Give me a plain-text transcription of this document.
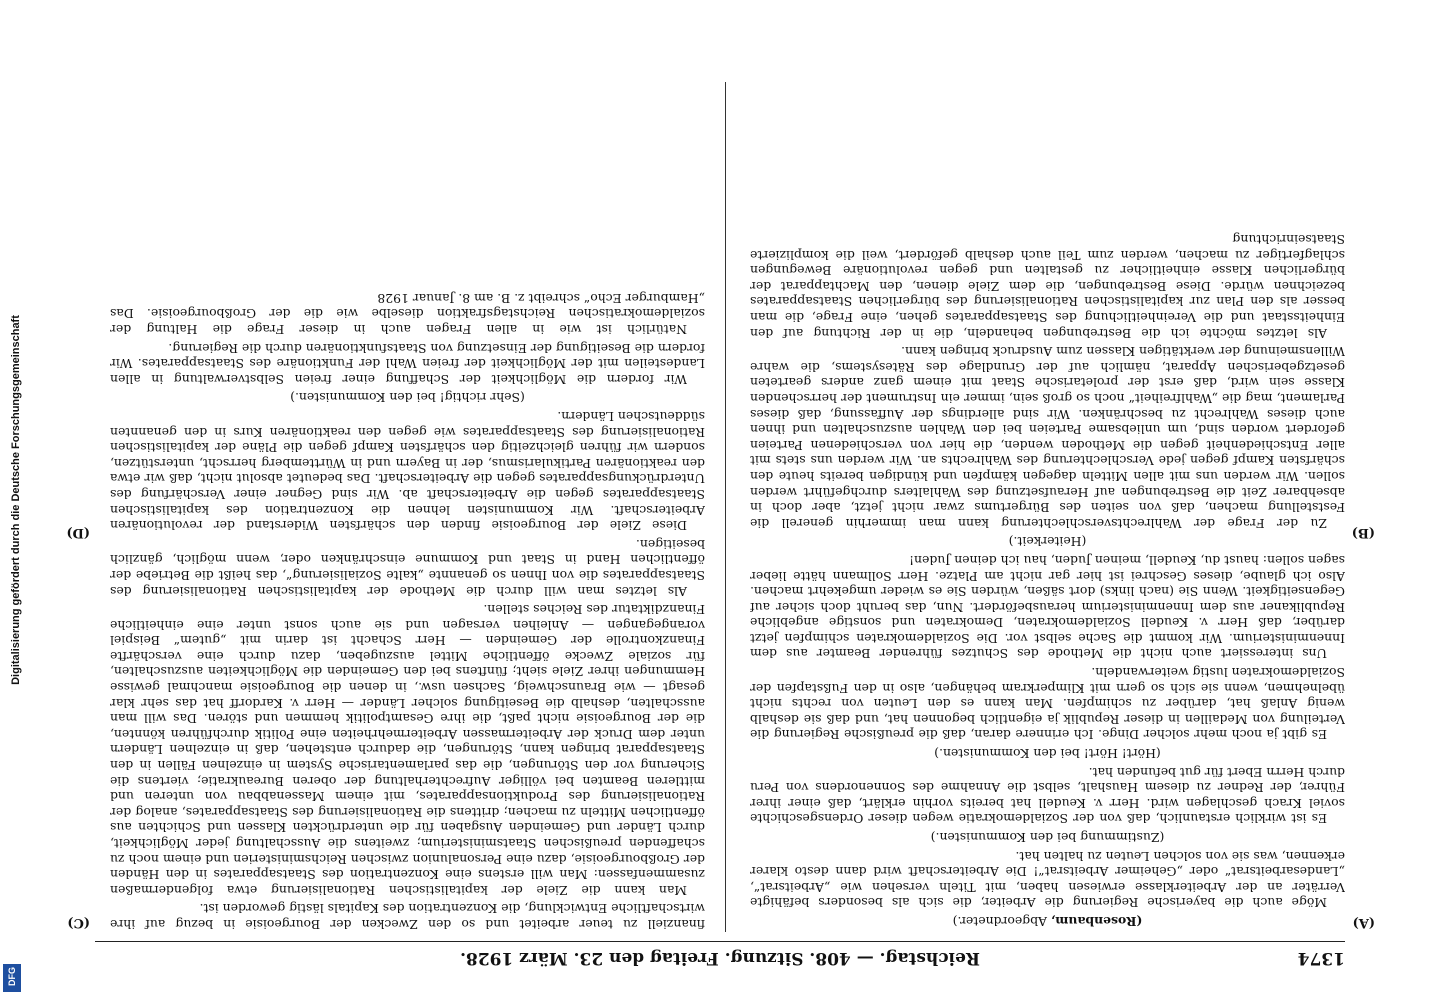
Digitalisierung gefördert durch die Deutsche Forschungsgemeinschaft
DFG
1374
Reichstag. — 408. Sitzung. Freitag den 23. März 1928.
(A)
(B)
(C)
(D)

(Rosenbaum, Abgeordneter.)

Möge auch die bayerische Regierung die Arbeiter, die sich als besonders befähigte Verräter an der Arbeiterklasse erwiesen haben, mit Titeln versehen wie „Arbeitsrat“, „Landesarbeitsrat“ oder „Geheimer Arbeitsrat“! Die Arbeiterschaft wird dann desto klarer erkennen, was sie von solchen Leuten zu halten hat.

(Zustimmung bei den Kommunisten.)

Es ist wirklich erstaunlich, daß von der Sozialdemokratie wegen dieser Ordensgeschichte soviel Krach geschlagen wird. Herr v. Keudell hat bereits vorhin erklärt, daß einer ihrer Führer, der Redner zu diesem Haushalt, selbst die Annahme des Sonnenordens von Peru durch Herrn Ebert für gut befunden hat.

(Hört! Hört! bei den Kommunisten.)

Es gibt ja noch mehr solcher Dinge. Ich erinnere daran, daß die preußische Regierung die Verteilung von Medaillen in dieser Republik ja eigentlich begonnen hat, und daß sie deshalb wenig Anlaß hat, darüber zu schimpfen. Man kann es den Leuten von rechts nicht übelnehmen, wenn sie sich so gern mit Klimperkram behängen, also in den Fußstapfen der Sozialdemokraten lustig weiterwandeln.

Uns interessiert auch nicht die Methode des Schutzes führender Beamter aus dem Innenministerium. Wir kommt die Sache selbst vor. Die Sozialdemokraten schimpfen jetzt darüber, daß Herr v. Keudell Sozialdemokraten, Demokraten und sonstige angebliche Republikaner aus dem Innenministerium herausbefördert. Nun, das beruht doch sicher auf Gegenseitigkeit. Wenn Sie (nach links) dort säßen, würden Sie es wieder umgekehrt machen. Also ich glaube, dieses Geschrei ist hier gar nicht am Platze. Herr Sollmann hätte lieber sagen sollen: haust du, Keudell, meinen Juden, hau ich deinen Juden!

(Heiterkeit.)

Zu der Frage der Wahlrechtsverschlechterung kann man immerhin generell die Feststellung machen, daß von seiten des Bürgertums zwar nicht jetzt, aber doch in absehbarer Zeit die Bestrebungen auf Heraufsetzung des Wahlalters durchgeführt werden sollen. Wir werden uns mit allen Mitteln dagegen kämpfen und kündigen bereits heute den schärfsten Kampf gegen jede Verschlechterung des Wahlrechts an. Wir werden uns stets mit aller Entschiedenheit gegen die Methoden wenden, die hier von verschiedenen Parteien gefordert worden sind, um unliebsame Parteien bei den Wahlen auszuschalten und ihnen auch dieses Wahlrecht zu beschränken. Wir sind allerdings der Auffassung, daß dieses Parlament, mag die „Wahlfreiheit“ noch so groß sein, immer ein Instrument der herrschenden Klasse sein wird, daß erst der proletarische Staat mit einem ganz anders gearteten gesetzgeberischen Apparat, nämlich auf der Grundlage des Rätesystems, die wahre Willensmeinung der werktätigen Klassen zum Ausdruck bringen kann.

Als letztes möchte ich die Bestrebungen behandeln, die in der Richtung auf den Einheitsstaat und die Vereinheitlichung des Staatsapparates gehen, eine Frage, die man besser als den Plan zur kapitalistischen Rationalisierung des bürgerlichen Staatsapparates bezeichnen würde. Diese Bestrebungen, die dem Ziele dienen, den Machtapparat der bürgerlichen Klasse einheitlicher zu gestalten und gegen revolutionäre Bewegungen schlagfertiger zu machen, werden zum Teil auch deshalb gefördert, weil die komplizierte Staatseinrichtung

finanziell zu teuer arbeitet und so den Zwecken der Bourgeoisie in bezug auf ihre wirtschaftliche Entwicklung, die Konzentration des Kapitals lästig geworden ist.

Man kann die Ziele der kapitalistischen Rationalisierung etwa folgendermaßen zusammenfassen: Man will erstens eine Konzentration des Staatsapparates in den Händen der Großbourgeoisie, dazu eine Personalunion zwischen Reichsministerien und einem noch zu schaffenden preußischen Staatsministerium; zweitens die Ausschaltung jeder Möglichkeit, durch Länder und Gemeinden Ausgaben für die unterdrückten Klassen und Schichten aus öffentlichen Mitteln zu machen; drittens die Rationalisierung des Staatsapparates, analog der Rationalisierung des Produktionsapparates, mit einem Massenabbau von unteren und mittleren Beamten bei völliger Aufrechterhaltung der oberen Bureaukratie; viertens die Sicherung vor den Störungen, die das parlamentarische System in einzelnen Fällen in den Staatsapparat bringen kann, Störungen, die dadurch entstehen, daß in einzelnen Ländern unter dem Druck der Arbeitermassen Arbeitermehrheiten eine Politik durchführen könnten, die der Bourgeoisie nicht paßt, die ihre Gesamtpolitik hemmen und stören. Das will man ausschalten, deshalb die Beseitigung solcher Länder — Herr v. Kardorff hat das sehr klar gesagt — wie Braunschweig, Sachsen usw., in denen die Bourgeoisie manchmal gewisse Hemmungen ihrer Ziele sieht; fünftens bei den Gemeinden die Möglichkeiten auszuschalten, für soziale Zwecke öffentliche Mittel auszugeben, dazu durch eine verschärfte Finanzkontrolle der Gemeinden — Herr Schacht ist darin mit „gutem“ Beispiel vorangegangen — Anleihen versagen und sie auch sonst unter eine einheitliche Finanzdiktatur des Reiches stellen.

Als letztes man will durch die Methode der kapitalistischen Rationalisierung des Staatsapparates die von Ihnen so genannte „kalte Sozialisierung“, das heißt die Betriebe der öffentlichen Hand in Staat und Kommune einschränken oder, wenn möglich, gänzlich beseitigen.

Diese Ziele der Bourgeoisie finden den schärfsten Widerstand der revolutionären Arbeiterschaft. Wir Kommunisten lehnen die Konzentration des kapitalistischen Staatsapparates gegen die Arbeiterschaft ab. Wir sind Gegner einer Verschärfung des Unterdrückungsapparates gegen die Arbeiterschaft. Das bedeutet absolut nicht, daß wir etwa den reaktionären Partikularismus, der in Bayern und in Württemberg herrscht, unterstützen, sondern wir führen gleichzeitig den schärfsten Kampf gegen die Pläne der kapitalistischen Rationalisierung des Staatsapparates wie gegen den reaktionären Kurs in den genannten süddeutschen Ländern.

(Sehr richtig! bei den Kommunisten.)

Wir fordern die Möglichkeit der Schaffung einer freien Selbstverwaltung in allen Landesteilen mit der Möglichkeit der freien Wahl der Funktionäre des Staatsapparates. Wir fordern die Beseitigung der Einsetzung von Staatsfunktionären durch die Regierung.

Natürlich ist wie in allen Fragen auch in dieser Frage die Haltung der sozialdemokratischen Reichstagsfraktion dieselbe wie die der Großbourgeoisie. Das „Hamburger Echo“ schreibt z. B. am 8. Januar 1928
